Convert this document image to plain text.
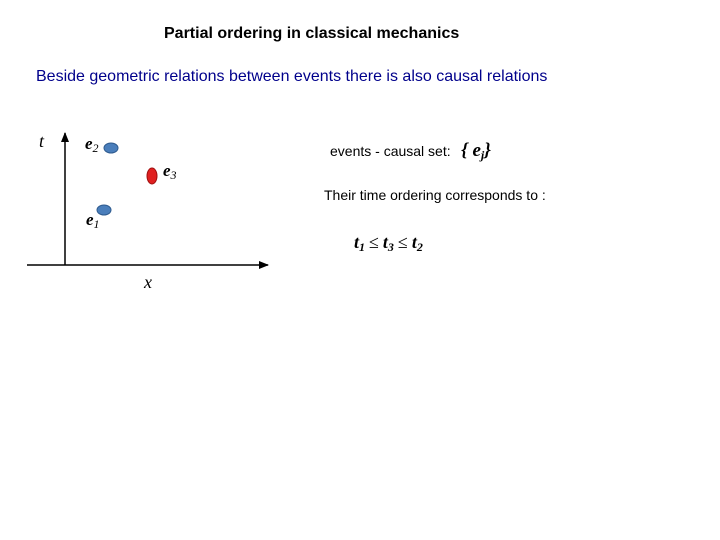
Partial ordering in classical mechanics
Beside geometric relations between events there is also causal relations
t
x
$e_2$
$e_3$
$e_1$
events - causal set: { $e_j$}
Their time ordering corresponds to :
$t_1 \le t_3 \le t_2$
